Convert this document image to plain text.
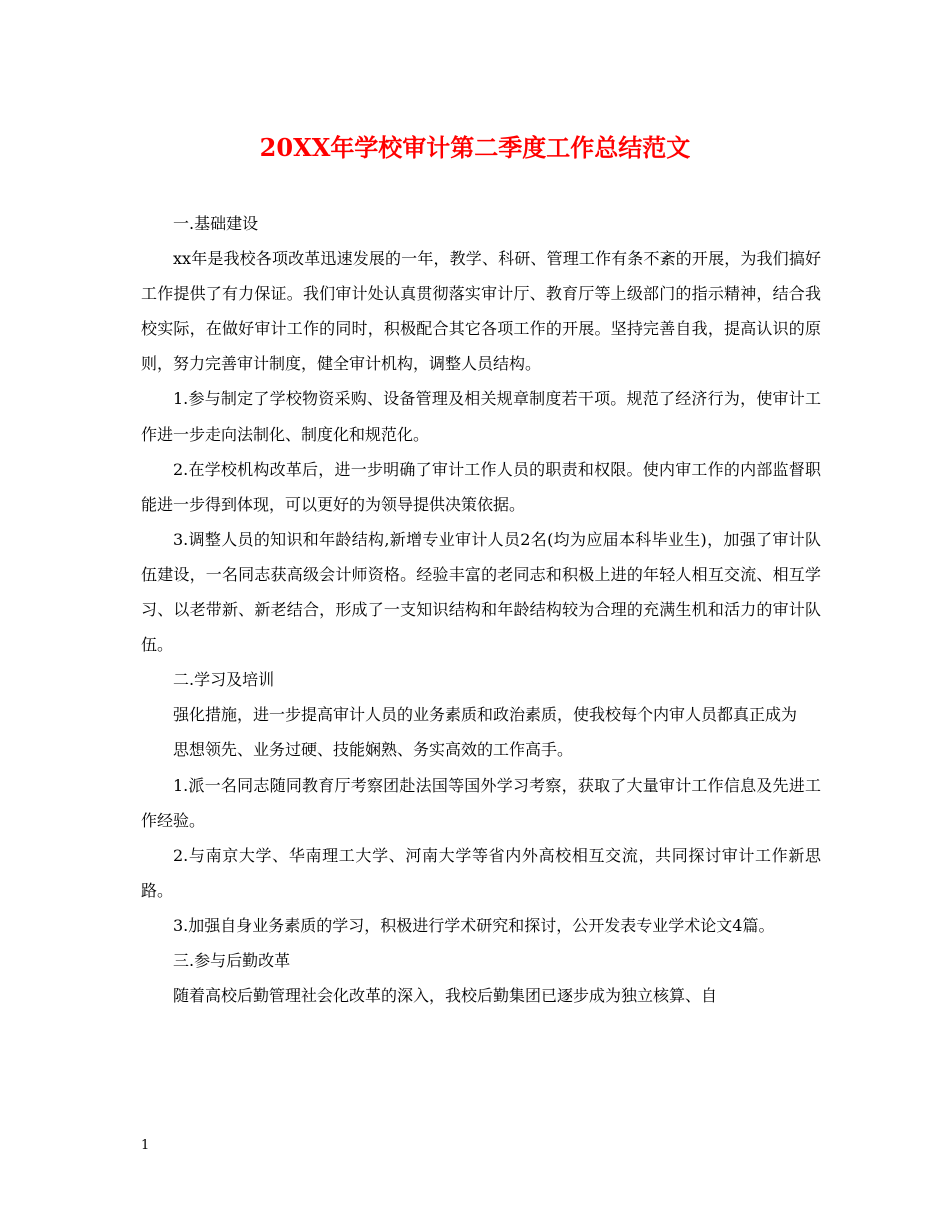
20XX年学校审计第二季度工作总结范文

一.基础建设

xx年是我校各项改革迅速发展的一年，教学、科研、管理工作有条不紊的开展，为我们搞好工作提供了有力保证。我们审计处认真贯彻落实审计厅、教育厅等上级部门的指示精神，结合我校实际，在做好审计工作的同时，积极配合其它各项工作的开展。坚持完善自我，提高认识的原则，努力完善审计制度，健全审计机构，调整人员结构。

1.参与制定了学校物资采购、设备管理及相关规章制度若干项。规范了经济行为，使审计工作进一步走向法制化、制度化和规范化。

2.在学校机构改革后，进一步明确了审计工作人员的职责和权限。使内审工作的内部监督职能进一步得到体现，可以更好的为领导提供决策依据。

3.调整人员的知识和年龄结构,新增专业审计人员2名(均为应届本科毕业生)，加强了审计队伍建设，一名同志获高级会计师资格。经验丰富的老同志和积极上进的年轻人相互交流、相互学习、以老带新、新老结合，形成了一支知识结构和年龄结构较为合理的充满生机和活力的审计队伍。

二.学习及培训

强化措施，进一步提高审计人员的业务素质和政治素质，使我校每个内审人员都真正成为

思想领先、业务过硬、技能娴熟、务实高效的工作高手。

1.派一名同志随同教育厅考察团赴法国等国外学习考察，获取了大量审计工作信息及先进工作经验。

2.与南京大学、华南理工大学、河南大学等省内外高校相互交流，共同探讨审计工作新思路。

3.加强自身业务素质的学习，积极进行学术研究和探讨，公开发表专业学术论文4篇。

三.参与后勤改革

随着高校后勤管理社会化改革的深入，我校后勤集团已逐步成为独立核算、自

1
